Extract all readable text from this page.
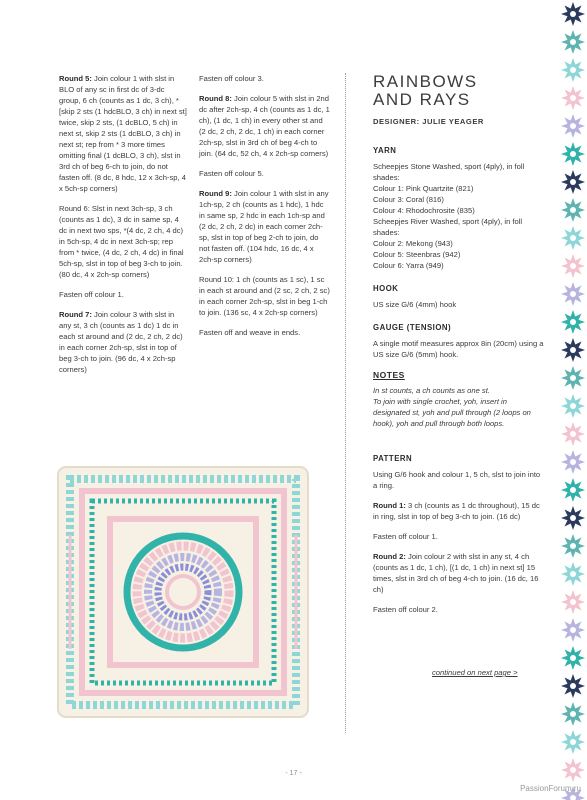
Round 5: Join colour 1 with slst in BLO of any sc in first dc of 3-dc group, 6 ch (counts as 1 dc, 3 ch), *[skip 2 sts (1 hdcBLO, 3 ch) in next st] twice, skip 2 sts, (1 dcBLO, 5 ch) in next st, skip 2 sts (1 dcBLO, 3 ch) in next st; rep from * 3 more times omitting final (1 dcBLO, 3 ch), slst in 3rd ch of beg 6-ch to join, do not fasten off. (8 dc, 8 hdc, 12 x 3ch-sp, 4 x 5ch-sp corners)

Round 6: Slst in next 3ch-sp, 3 ch (counts as 1 dc), 3 dc in same sp, 4 dc in next two sps, *(4 dc, 2 ch, 4 dc) in 5ch-sp, 4 dc in next 3ch-sp; rep from * twice, (4 dc, 2 ch, 4 dc) in final 5ch-sp, slst in top of beg 3-ch to join. (80 dc, 4 x 2ch-sp corners)

Fasten off colour 1.

Round 7: Join colour 3 with slst in any st, 3 ch (counts as 1 dc) 1 dc in each st around and (2 dc, 2 ch, 2 dc) in each corner 2ch-sp, slst in top of beg 3-ch to join. (96 dc, 4 x 2ch-sp corners)

Fasten off colour 3.

Round 8: Join colour 5 with slst in 2nd dc after 2ch-sp, 4 ch (counts as 1 dc, 1 ch), (1 dc, 1 ch) in every other st and (2 dc, 2 ch, 2 dc, 1 ch) in each corner 2ch-sp, slst in 3rd ch of beg 4-ch to join. (64 dc, 52 ch, 4 x 2ch-sp corners)

Fasten off colour 5.

Round 9: Join colour 1 with slst in any 1ch-sp, 2 ch (counts as 1 hdc), 1 hdc in same sp, 2 hdc in each 1ch-sp and (2 dc, 2 ch, 2 dc) in each corner 2ch-sp, slst in top of beg 2-ch to join, do not fasten off. (104 hdc, 16 dc, 4 x 2ch-sp corners)

Round 10: 1 ch (counts as 1 sc), 1 sc in each st around and (2 sc, 2 ch, 2 sc) in each corner 2ch-sp, slst in beg 1-ch to join. (136 sc, 4 x 2ch-sp corners)

Fasten off and weave in ends.

RAINBOWS
AND RAYS
DESIGNER: JULIE YEAGER
YARN
Scheepjes Stone Washed, sport (4ply), in foll shades:
Colour 1: Pink Quartzite (821)
Colour 3: Coral (816)
Colour 4: Rhodochrosite (835)
Scheepjes River Washed, sport (4ply), in foll shades:
Colour 2: Mekong (943)
Colour 5: Steenbras (942)
Colour 6: Yarra (949)
HOOK

US size G/6 (4mm) hook

GAUGE (TENSION)

A single motif measures approx 8in (20cm) using a US size G/6 (5mm) hook.

NOTES
In st counts, a ch counts as one st.
To join with single crochet, yoh, insert in designated st, yoh and pull through (2 loops on hook), yoh and pull through both loops.
PATTERN

Using G/6 hook and colour 1, 5 ch, slst to join into a ring.

Round 1: 3 ch (counts as 1 dc throughout), 15 dc in ring, slst in top of beg 3-ch to join. (16 dc)

Fasten off colour 1.

Round 2: Join colour 2 with slst in any st, 4 ch (counts as 1 dc, 1 ch), [(1 dc, 1 ch) in next st] 15 times, slst in 3rd ch of beg 4-ch to join. (16 dc, 16 ch)

Fasten off colour 2.

continued on next page >
- 17 -
PassionForum.ru
